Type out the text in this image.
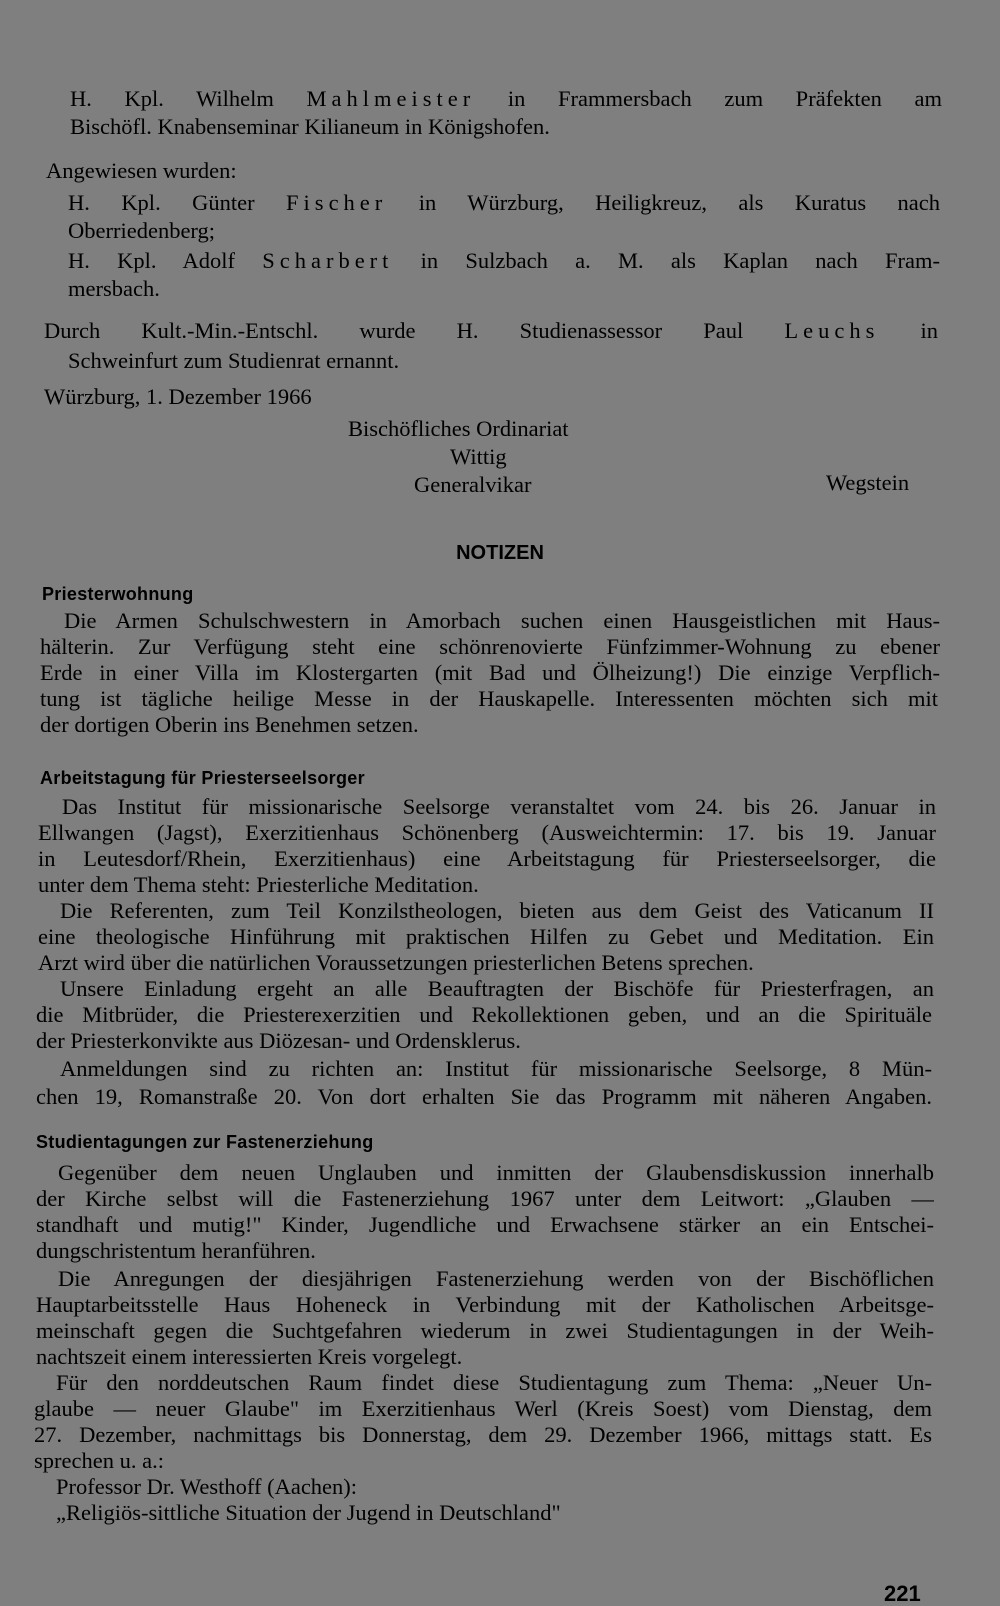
H. Kpl. Wilhelm Mahlmeister in Frammersbach zum Präfekten am
Bischöfl. Knabenseminar Kilianeum in Königshofen.
Angewiesen wurden:
H. Kpl. Günter Fischer in Würzburg, Heiligkreuz, als Kuratus nach
Oberriedenberg;
H. Kpl. Adolf Scharbert in Sulzbach a. M. als Kaplan nach Fram-
mersbach.
Durch Kult.-Min.-Entschl. wurde H. Studienassessor Paul Leuchs in
Schweinfurt zum Studienrat ernannt.
Würzburg, 1. Dezember 1966
Bischöfliches Ordinariat
Wittig
Generalvikar	Wegstein
NOTIZEN
Priesterwohnung
Die Armen Schulschwestern in Amorbach suchen einen Hausgeistlichen mit Haus-
hälterin. Zur Verfügung steht eine schönrenovierte Fünfzimmer-Wohnung zu ebener
Erde in einer Villa im Klostergarten (mit Bad und Ölheizung!) Die einzige Verpflich-
tung ist tägliche heilige Messe in der Hauskapelle. Interessenten möchten sich mit
der dortigen Oberin ins Benehmen setzen.
Arbeitstagung für Priesterseelsorger
Das Institut für missionarische Seelsorge veranstaltet vom 24. bis 26. Januar in
Ellwangen (Jagst), Exerzitienhaus Schönenberg (Ausweichtermin: 17. bis 19. Januar
in Leutesdorf/Rhein, Exerzitienhaus) eine Arbeitstagung für Priesterseelsorger, die
unter dem Thema steht: Priesterliche Meditation.
Die Referenten, zum Teil Konzilstheologen, bieten aus dem Geist des Vaticanum II
eine theologische Hinführung mit praktischen Hilfen zu Gebet und Meditation. Ein
Arzt wird über die natürlichen Voraussetzungen priesterlichen Betens sprechen.
Unsere Einladung ergeht an alle Beauftragten der Bischöfe für Priesterfragen, an
die Mitbrüder, die Priesterexerzitien und Rekollektionen geben, und an die Spirituäle
der Priesterkonvikte aus Diözesan- und Ordensklerus.
Anmeldungen sind zu richten an: Institut für missionarische Seelsorge, 8 Mün-
chen 19, Romanstraße 20. Von dort erhalten Sie das Programm mit näheren Angaben.
Studientagungen zur Fastenerziehung
Gegenüber dem neuen Unglauben und inmitten der Glaubensdiskussion innerhalb
der Kirche selbst will die Fastenerziehung 1967 unter dem Leitwort: „Glauben —
standhaft und mutig!" Kinder, Jugendliche und Erwachsene stärker an ein Entschei-
dungschristentum heranführen.
Die Anregungen der diesjährigen Fastenerziehung werden von der Bischöflichen
Hauptarbeitsstelle Haus Hoheneck in Verbindung mit der Katholischen Arbeitsge-
meinschaft gegen die Suchtgefahren wiederum in zwei Studientagungen in der Weih-
nachtszeit einem interessierten Kreis vorgelegt.
Für den norddeutschen Raum findet diese Studientagung zum Thema: „Neuer Un-
glaube — neuer Glaube" im Exerzitienhaus Werl (Kreis Soest) vom Dienstag, dem
27. Dezember, nachmittags bis Donnerstag, dem 29. Dezember 1966, mittags statt. Es
sprechen u. a.:
Professor Dr. Westhoff (Aachen):
„Religiös-sittliche Situation der Jugend in Deutschland"
221
